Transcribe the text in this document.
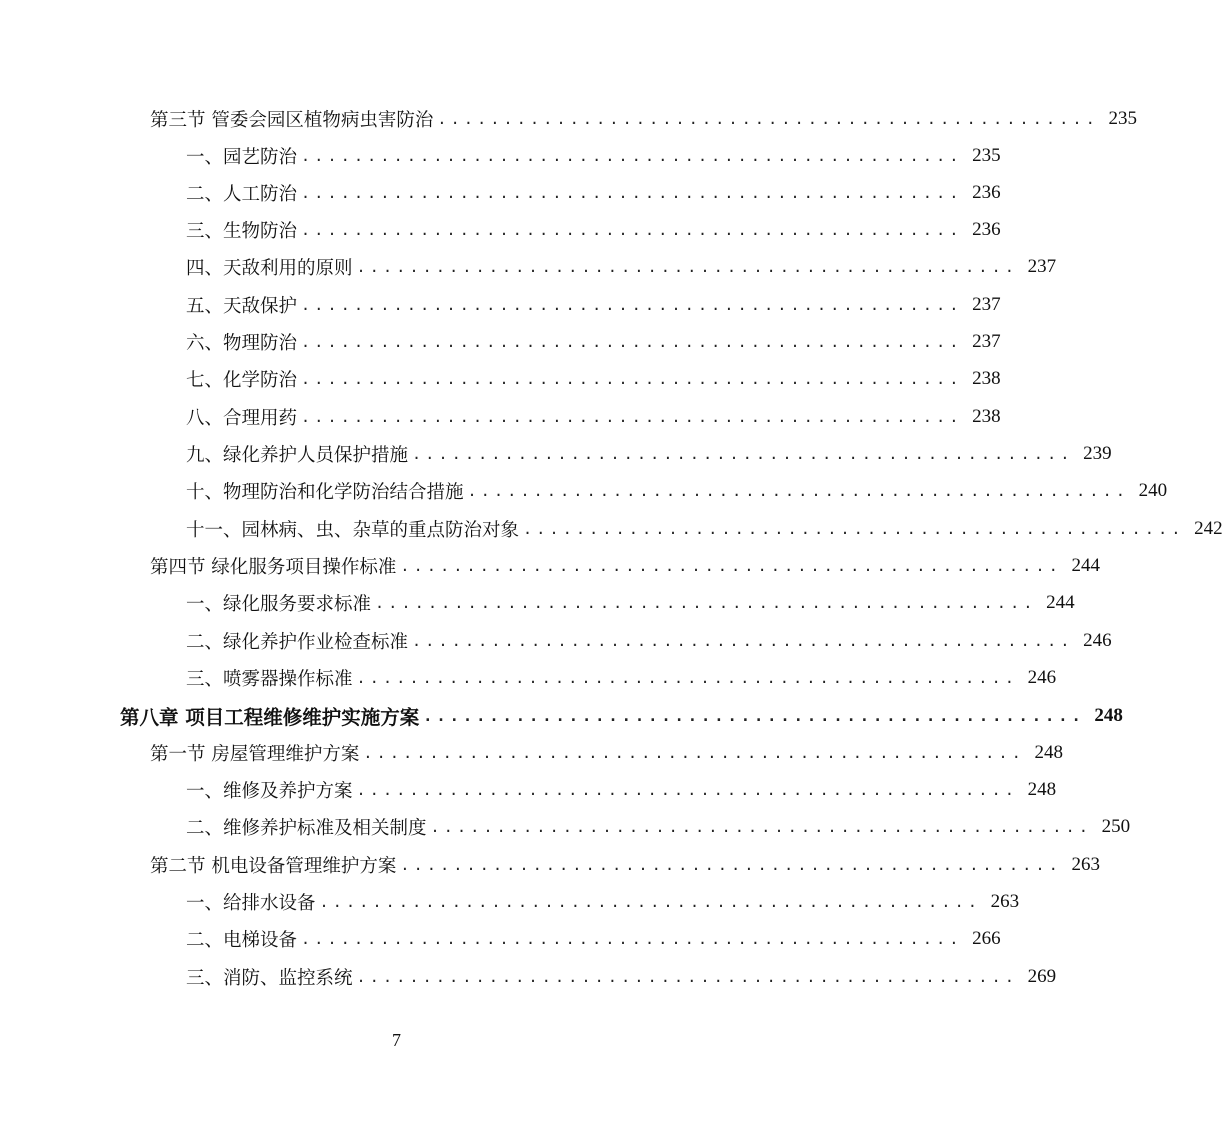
第三节 管委会园区植物病虫害防治 .................................................. 235
一、园艺防治 .................................................. 235
二、人工防治 .................................................. 236
三、生物防治 .................................................. 236
四、天敌利用的原则 .................................................. 237
五、天敌保护 .................................................. 237
六、物理防治 .................................................. 237
七、化学防治 .................................................. 238
八、合理用药 .................................................. 238
九、绿化养护人员保护措施 .................................................. 239
十、物理防治和化学防治结合措施 .................................................. 240
十一、园林病、虫、杂草的重点防治对象 .................................................. 242
第四节 绿化服务项目操作标准 .................................................. 244
一、绿化服务要求标准 .................................................. 244
二、绿化养护作业检查标准 .................................................. 246
三、喷雾器操作标准 .................................................. 246
第八章 项目工程维修维护实施方案 .................................................. 248
第一节 房屋管理维护方案 .................................................. 248
一、维修及养护方案 .................................................. 248
二、维修养护标准及相关制度 .................................................. 250
第二节 机电设备管理维护方案 .................................................. 263
一、给排水设备 .................................................. 263
二、电梯设备 .................................................. 266
三、消防、监控系统 .................................................. 269
7
